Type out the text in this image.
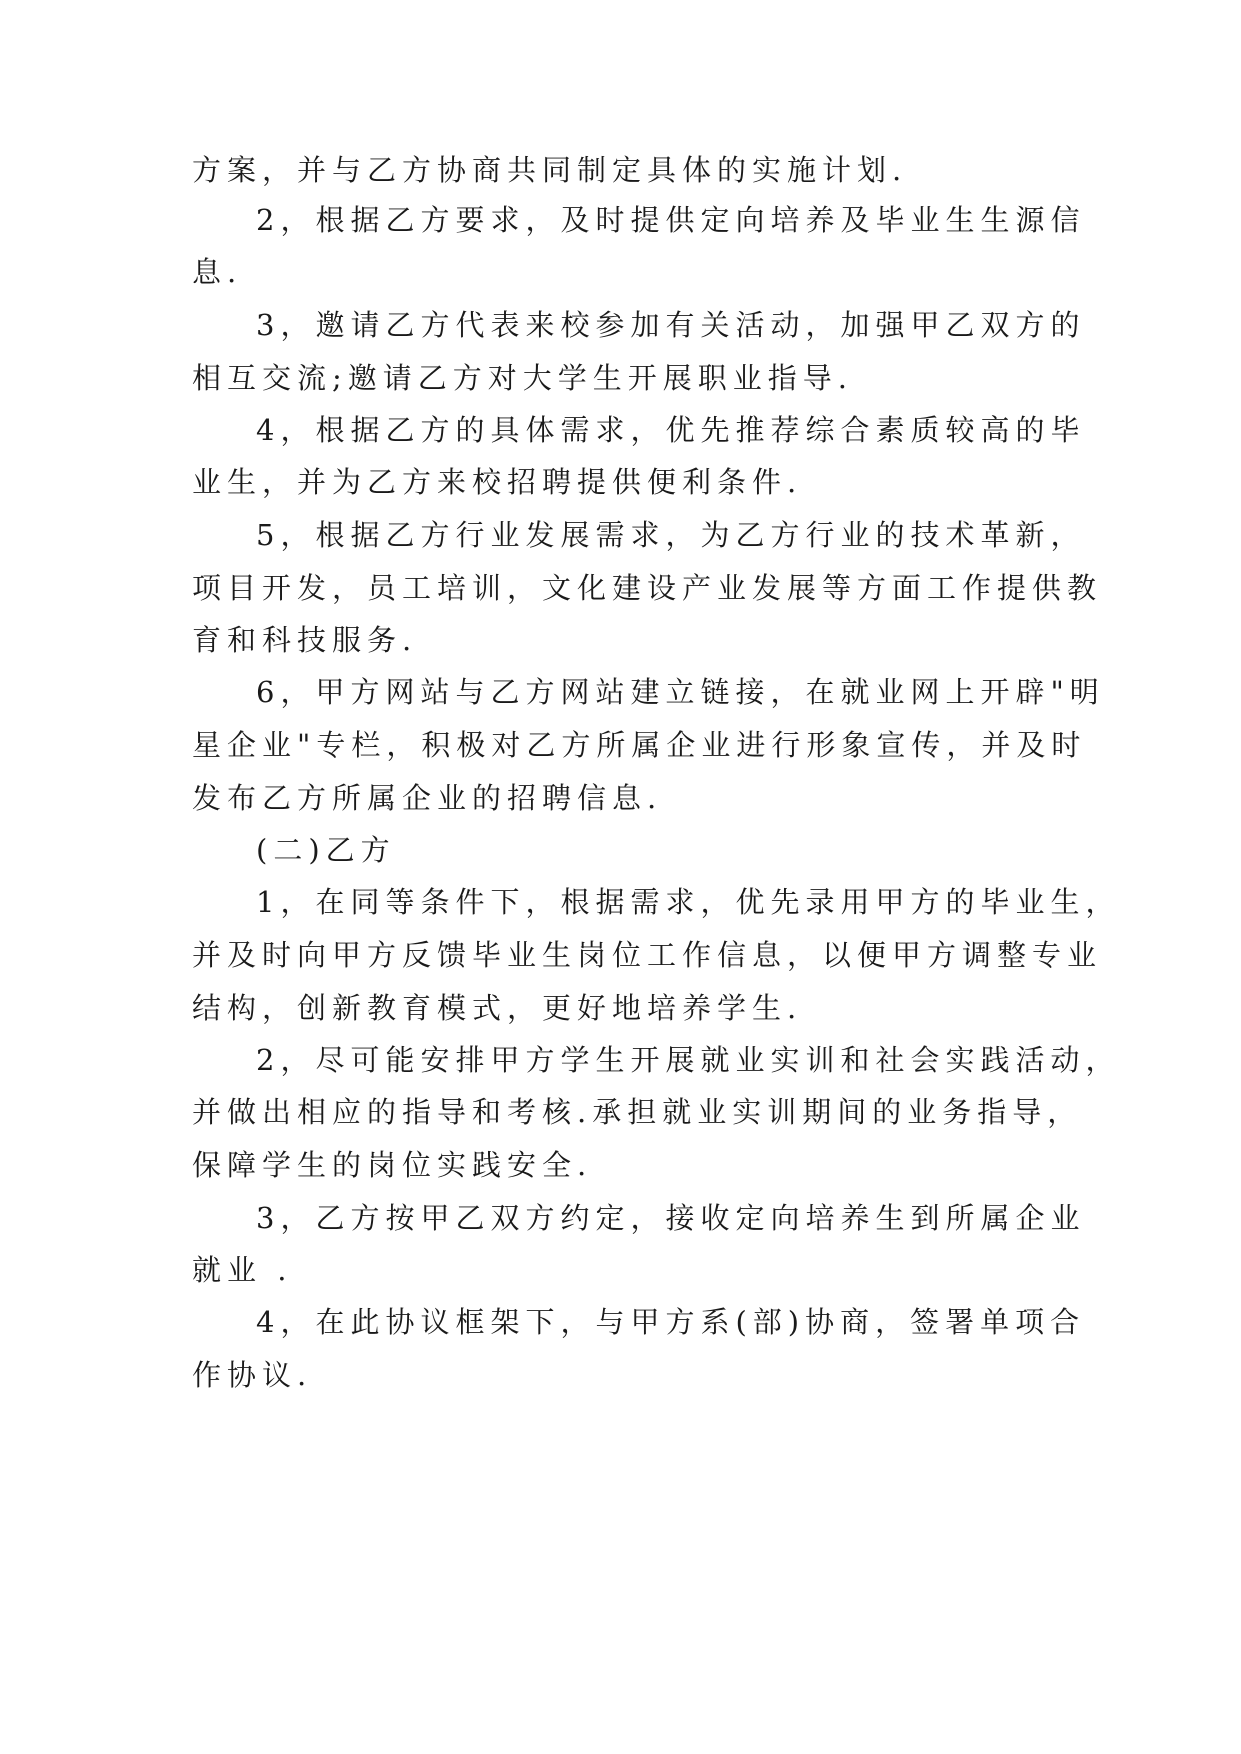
方案，并与乙方协商共同制定具体的实施计划.
2，根据乙方要求，及时提供定向培养及毕业生生源信
息.
3，邀请乙方代表来校参加有关活动，加强甲乙双方的
相互交流;邀请乙方对大学生开展职业指导.
4，根据乙方的具体需求，优先推荐综合素质较高的毕
业生，并为乙方来校招聘提供便利条件.
5，根据乙方行业发展需求，为乙方行业的技术革新，
项目开发，员工培训，文化建设产业发展等方面工作提供教
育和科技服务.
6，甲方网站与乙方网站建立链接，在就业网上开辟"明
星企业"专栏，积极对乙方所属企业进行形象宣传，并及时
发布乙方所属企业的招聘信息.
(二)乙方
1，在同等条件下，根据需求，优先录用甲方的毕业生，
并及时向甲方反馈毕业生岗位工作信息，以便甲方调整专业
结构，创新教育模式，更好地培养学生.
2，尽可能安排甲方学生开展就业实训和社会实践活动，
并做出相应的指导和考核.承担就业实训期间的业务指导，
保障学生的岗位实践安全.
3，乙方按甲乙双方约定，接收定向培养生到所属企业
就业 .
4，在此协议框架下，与甲方系(部)协商，签署单项合
作协议.
